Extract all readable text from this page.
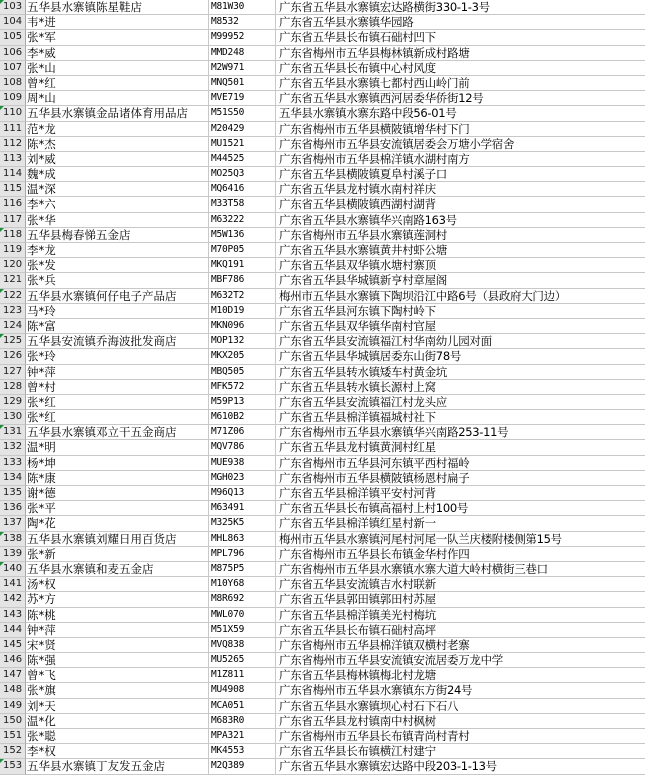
103 五华县水寨镇陈星鞋店	M81W30	广东省五华县水寨镇宏达路横街330-1-3号
104 韦*进	M8532	广东省五华县水寨镇华园路
105 张*军	M99952	广东省五华县长布镇石础村凹下
106 李*威	MMD248	广东省梅州市五华县梅林镇新成村路塘
107 张*山	M2W971	广东省五华县长布镇中心村风度
108 曾*红	MNQ501	广东省五华县水寨镇七都村西山岭门前
109 周*山	MVE719	广东省五华县水寨镇西河居委华侨街12号
110 五华县水寨镇金品诸体育用品店	M51S50	五华县水寨镇水寨东路中段56-01号
111 范*龙	M20429	广东省梅州市五华县横陂镇增华村下门
112 陈*杰	MU1521	广东省梅州市五华县安流镇居委会万塘小学宿舍
113 刘*威	M44525	广东省梅州市五华县棉洋镇水湖村南方
114 魏*成	MO25Q3	广东省五华县横陂镇夏阜村溪子口
115 温*深	MQ6416	广东省五华县龙村镇水南村祥庆
116 李*六	M33T58	广东省五华县横陂镇西湖村湖背
117 张*华	M63222	广东省五华县水寨镇华兴南路163号
118 五华县梅春悌五金店	M5W136	广东省梅州市五华县水寨镇莲洞村
119 李*龙	M70P05	广东省五华县水寨镇黄井村虾公塘
120 张*发	MKQ191	广东省五华县双华镇水塘村寨顶
121 张*兵	MBF786	广东省五华县华城镇新亨村章屋阁
122 五华县水寨镇何仔电子产品店	M632T2	梅州市五华县水寨镇下陶坝沿江中路6号（县政府大门边）
123 马*玲	M10D19	广东省五华县河东镇下陶村岭下
124 陈*富	MKN096	广东省五华县双华镇华南村官屋
125 五华县安流镇乔海波批发商店	MOP132	广东省五华县安流镇福江村华南幼儿园对面
126 张*玲	MKX205	广东省五华县华城镇居委东山街78号
127 钟*萍	MBQ505	广东省五华县转水镇矮车村黄金坑
128 曾*村	MFK572	广东省五华县转水镇长源村上窝
129 张*红	M59P13	广东省五华县安流镇福江村龙头应
130 张*红	M610B2	广东省五华县棉洋镇福城村社下
131 五华县水寨镇邓立干五金商店	M71Z06	广东省梅州市五华县水寨镇华兴南路253-11号
132 温*明	MQV786	广东省五华县龙村镇黄洞村红星
133 杨*坤	MUE938	广东省梅州市五华县河东镇平西村福岭
134 陈*康	MGH023	广东省梅州市五华县横陂镇杨恩村扁子
135 谢*德	M96Q13	广东省五华县棉洋镇平安村河背
136 张*平	M63491	广东省五华县长布镇高福村上村100号
137 陶*花	M325K5	广东省五华县棉洋镇红星村新一
138 五华县水寨镇刘耀日用百货店	MHL863	梅州市五华县水寨镇河尾村河尾一队兰庆楼附楼侧第15号
139 张*新	MPL796	广东省梅州市五华县长布镇金华村作四
140 五华县水寨镇和麦五金店	M875P5	广东省梅州市五华县水寨镇水寨大道大岭村横街三巷口
141 汤*权	M10Y68	广东省五华县安流镇吉水村联新
142 苏*方	M8R692	广东省五华县郭田镇郭田村苏屋
143 陈*桃	MWL070	广东省五华县棉洋镇美光村梅坑
144 钟*萍	M51X59	广东省五华县长布镇石础村高坪
145 宋*贤	MVQ838	广东省梅州市五华县棉洋镇双横村老寨
146 陈*强	MU5265	广东省梅州市五华县安流镇安流居委万龙中学
147 曾*飞	M1Z811	广东省五华县梅林镇梅北村龙塘
148 张*旗	MU4908	广东省梅州市五华县水寨镇东方街24号
149 刘*天	MCA051	广东省五华县水寨镇坝心村石下石八
150 温*化	M683R0	广东省五华县龙村镇南中村枫树
151 张*聪	MPA321	广东省梅州市五华县长布镇青尚村青村
152 李*权	MK4553	广东省五华县长布镇横江村建宁
153 五华县水寨镇丁友发五金店	M2Q389	广东省五华县水寨镇宏达路中段203-1-13号
